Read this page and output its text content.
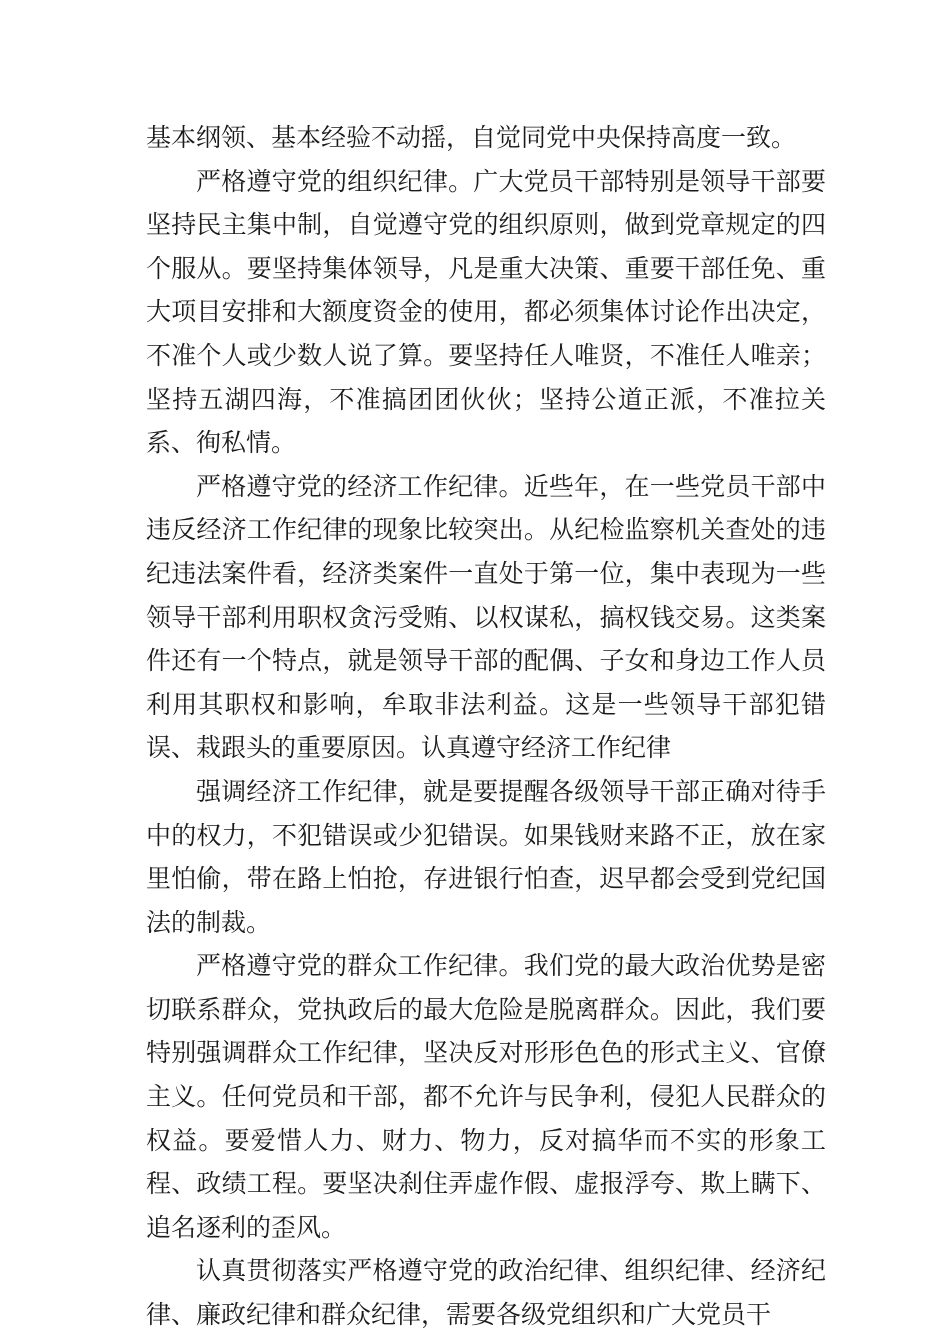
基本纲领、基本经验不动摇，自觉同党中央保持高度一致。

严格遵守党的组织纪律。广大党员干部特别是领导干部要坚持民主集中制，自觉遵守党的组织原则，做到党章规定的四个服从。要坚持集体领导，凡是重大决策、重要干部任免、重大项目安排和大额度资金的使用，都必须集体讨论作出决定，不准个人或少数人说了算。要坚持任人唯贤，不准任人唯亲；坚持五湖四海，不准搞团团伙伙；坚持公道正派，不准拉关系、徇私情。

严格遵守党的经济工作纪律。近些年，在一些党员干部中违反经济工作纪律的现象比较突出。从纪检监察机关查处的违纪违法案件看，经济类案件一直处于第一位，集中表现为一些领导干部利用职权贪污受贿、以权谋私，搞权钱交易。这类案件还有一个特点，就是领导干部的配偶、子女和身边工作人员利用其职权和影响，牟取非法利益。这是一些领导干部犯错误、栽跟头的重要原因。认真遵守经济工作纪律

强调经济工作纪律，就是要提醒各级领导干部正确对待手中的权力，不犯错误或少犯错误。如果钱财来路不正，放在家里怕偷，带在路上怕抢，存进银行怕查，迟早都会受到党纪国法的制裁。

严格遵守党的群众工作纪律。我们党的最大政治优势是密切联系群众，党执政后的最大危险是脱离群众。因此，我们要特别强调群众工作纪律，坚决反对形形色色的形式主义、官僚主义。任何党员和干部，都不允许与民争利，侵犯人民群众的权益。要爱惜人力、财力、物力，反对搞华而不实的形象工程、政绩工程。要坚决刹住弄虚作假、虚报浮夸、欺上瞒下、追名逐利的歪风。

认真贯彻落实严格遵守党的政治纪律、组织纪律、经济纪律、廉政纪律和群众纪律，需要各级党组织和广大党员干
